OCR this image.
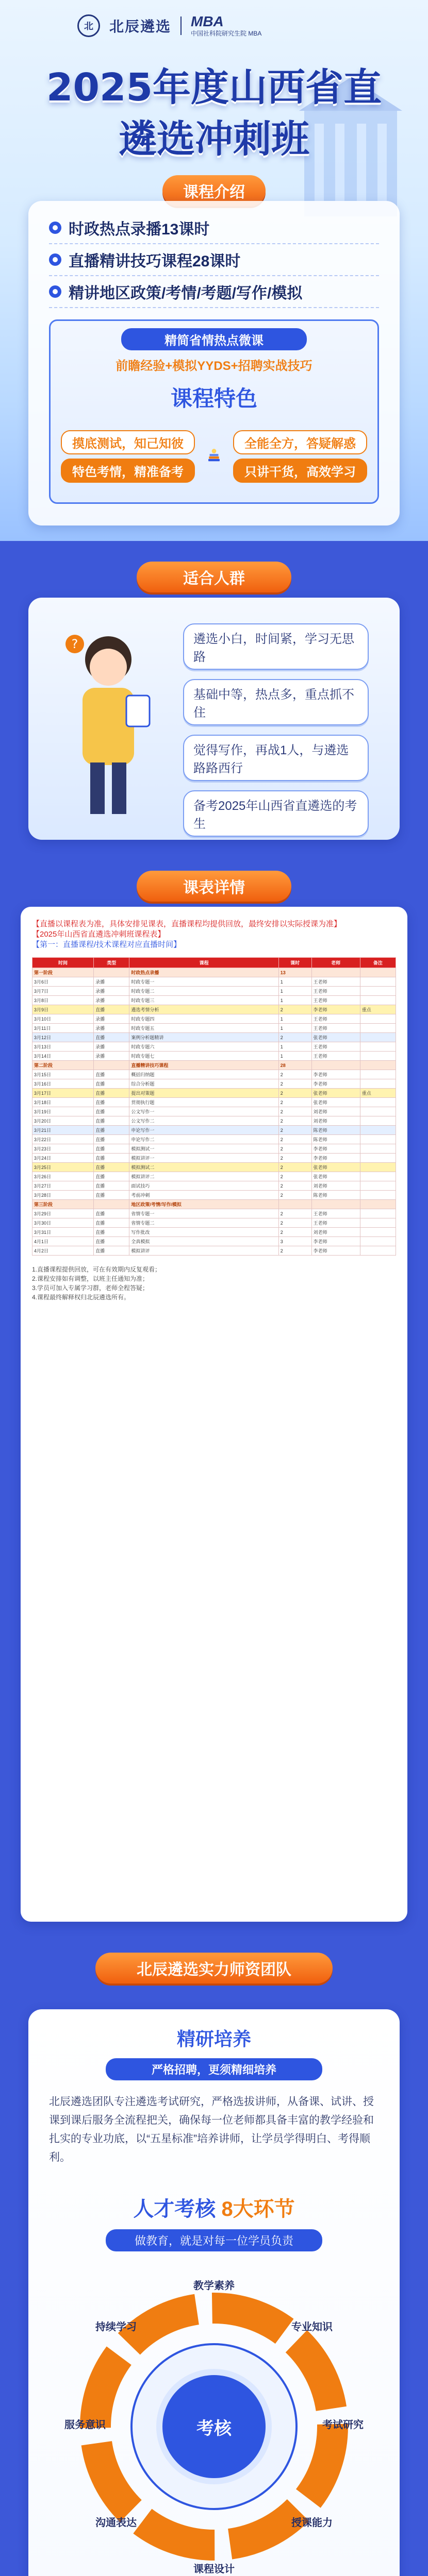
北	北辰遴选 MBA
中国社科院研究生院 MBA
2025年度山西省直
遴选冲刺班
课程介绍
时政热点录播13课时
直播精讲技巧课程28课时
精讲地区政策/考情/考题/写作/模拟
精简省情热点微课
前瞻经验+模拟YYDS+招聘实战技巧
课程特色
摸底测试，知己知彼
特色考情，精准备考
全能全方，答疑解惑
只讲干货，高效学习
适合人群
?	遴选小白，时间紧，学习无思路
基础中等，热点多，重点抓不住
觉得写作，再战1人，与遴选路路西行
备考2025年山西省直遴选的考生
课表详情
【直播以课程表为准，具体安排见课表，直播课程均提供回放，最终安排以实际授课为准】
【2025年山西省直遴选冲刺班课程表】
【第一：直播课程/技术课程对应直播时间】
时间	类型	课程	课时	老师	备注
第一阶段		时政热点录播	13		
3月6日	录播	时政专题一	1	王老师	
3月7日	录播	时政专题二	1	王老师	
3月8日	录播	时政专题三	1	王老师	
3月9日	直播	遴选考情分析	2	李老师	重点
3月10日	录播	时政专题四	1	王老师	
3月11日	录播	时政专题五	1	王老师	
3月12日	直播	案例分析题精讲	2	张老师	
3月13日	录播	时政专题六	1	王老师	
3月14日	录播	时政专题七	1	王老师	
第二阶段		直播精讲技巧课程	28		
3月15日	直播	概括归纳题	2	李老师	
3月16日	直播	综合分析题	2	李老师	
3月17日	直播	提出对策题	2	张老师	重点
3月18日	直播	贯彻执行题	2	张老师	
3月19日	直播	公文写作一	2	刘老师	
3月20日	直播	公文写作二	2	刘老师	
3月21日	直播	申论写作一	2	陈老师	
3月22日	直播	申论写作二	2	陈老师	
3月23日	直播	模拟测试一	2	李老师	
3月24日	直播	模拟讲评一	2	李老师	
3月25日	直播	模拟测试二	2	张老师	
3月26日	直播	模拟讲评二	2	张老师	
3月27日	直播	面试技巧	2	刘老师	
3月28日	直播	考前冲刺	2	陈老师	
第三阶段		地区政策/考情/写作/模拟			
3月29日	直播	省情专题一	2	王老师	
3月30日	直播	省情专题二	2	王老师	
3月31日	直播	写作批改	2	刘老师	
4月1日	直播	全真模拟	3	李老师	
4月2日	直播	模拟讲评	2	李老师	
1.直播课程提供回放，可在有效期内反复观看；
2.课程安排如有调整，以班主任通知为准；
3.学员可加入专属学习群，老师全程答疑；
4.课程最终解释权归北辰遴选所有。
北辰遴选实力师资团队
精研培养
严格招聘，更须精细培养
北辰遴选团队专注遴选考试研究，严格选拔讲师，从备课、试讲、授课到课后服务全流程把关，确保每一位老师都具备丰富的教学经验和扎实的专业功底，以“五星标准”培养讲师，让学员学得明白、考得顺利。
人才考核 8大环节
做教育，就是对每一位学员负责
考核
教学素养
专业知识
考试研究
授课能力
课程设计
沟通表达
服务意识
持续学习
